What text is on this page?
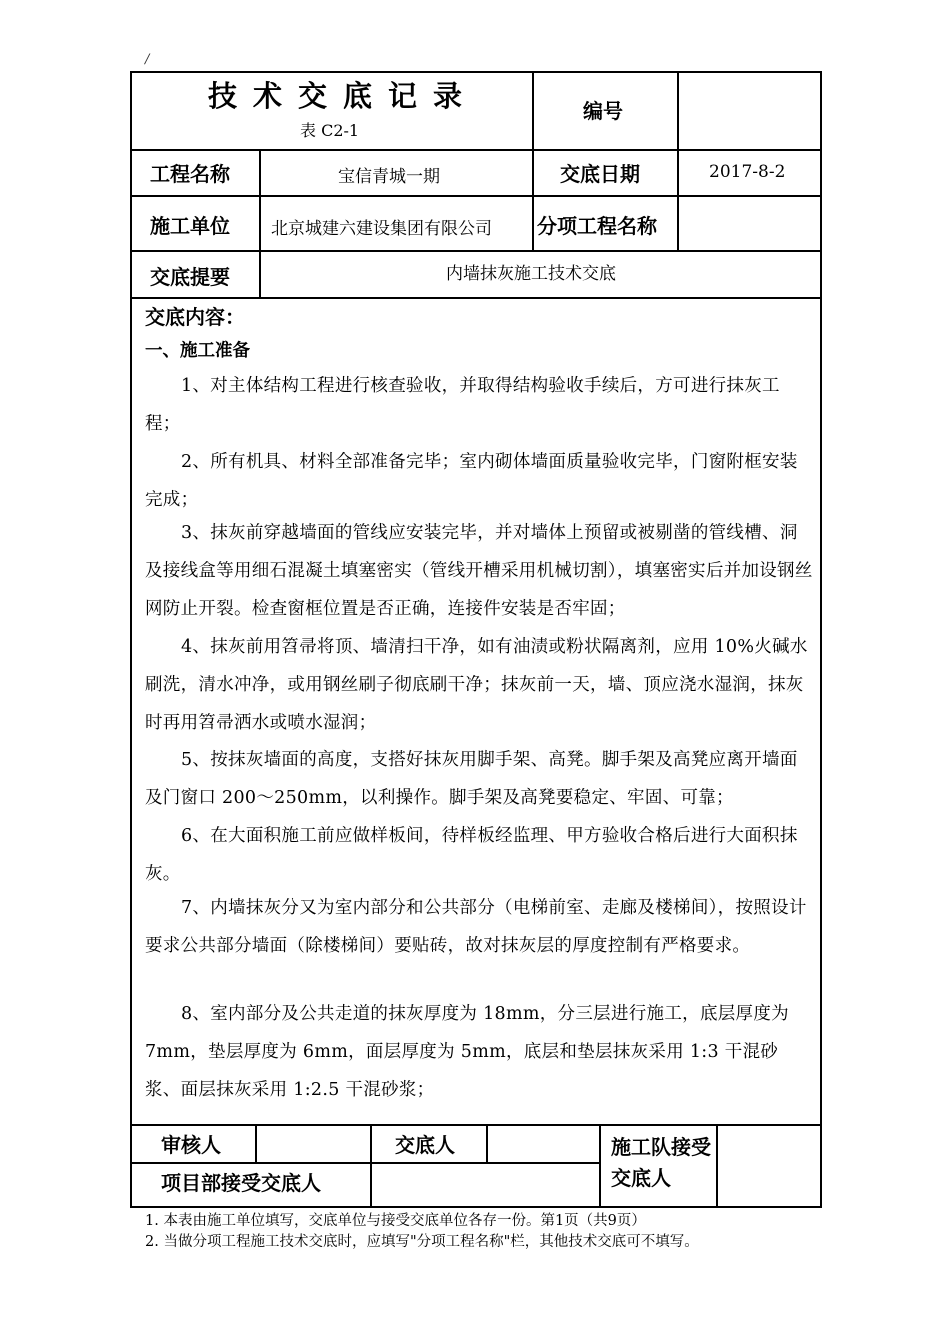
/
技术交底记录
表 C2-1
编号
工程名称	宝信青城一期	交底日期	2017-8-2
施工单位 北京城建六建设集团有限公司 分项工程名称
交底提要	内墙抹灰施工技术交底
交底内容：
一、施工准备
1、对主体结构工程进行核查验收，并取得结构验收手续后，方可进行抹灰工程；
2、所有机具、材料全部准备完毕；室内砌体墙面质量验收完毕，门窗附框安装完成；
3、抹灰前穿越墙面的管线应安装完毕，并对墙体上预留或被剔凿的管线槽、洞及接线盒等用细石混凝土填塞密实（管线开槽采用机械切割），填塞密实后并加设钢丝网防止开裂。检查窗框位置是否正确，连接件安装是否牢固；
4、抹灰前用笤帚将顶、墙清扫干净，如有油渍或粉状隔离剂，应用 10%火碱水刷洗，清水冲净，或用钢丝刷子彻底刷干净；抹灰前一天，墙、顶应浇水湿润，抹灰时再用笤帚洒水或喷水湿润；
5、按抹灰墙面的高度，支搭好抹灰用脚手架、高凳。脚手架及高凳应离开墙面及门窗口 200～250mm，以利操作。脚手架及高凳要稳定、牢固、可靠；
6、在大面积施工前应做样板间，待样板经监理、甲方验收合格后进行大面积抹灰。
7、内墙抹灰分又为室内部分和公共部分（电梯前室、走廊及楼梯间），按照设计要求公共部分墙面（除楼梯间）要贴砖，故对抹灰层的厚度控制有严格要求。
8、室内部分及公共走道的抹灰厚度为 18mm，分三层进行施工，底层厚度为 7mm，垫层厚度为 6mm，面层厚度为 5mm，底层和垫层抹灰采用 1:3 干混砂浆、面层抹灰采用 1:2.5 干混砂浆；
审核人	交底人	施工队接受交底人
项目部接受交底人
1. 本表由施工单位填写，交底单位与接受交底单位各存一份。第1页（共9页）
2. 当做分项工程施工技术交底时，应填写"分项工程名称"栏，其他技术交底可不填写。
